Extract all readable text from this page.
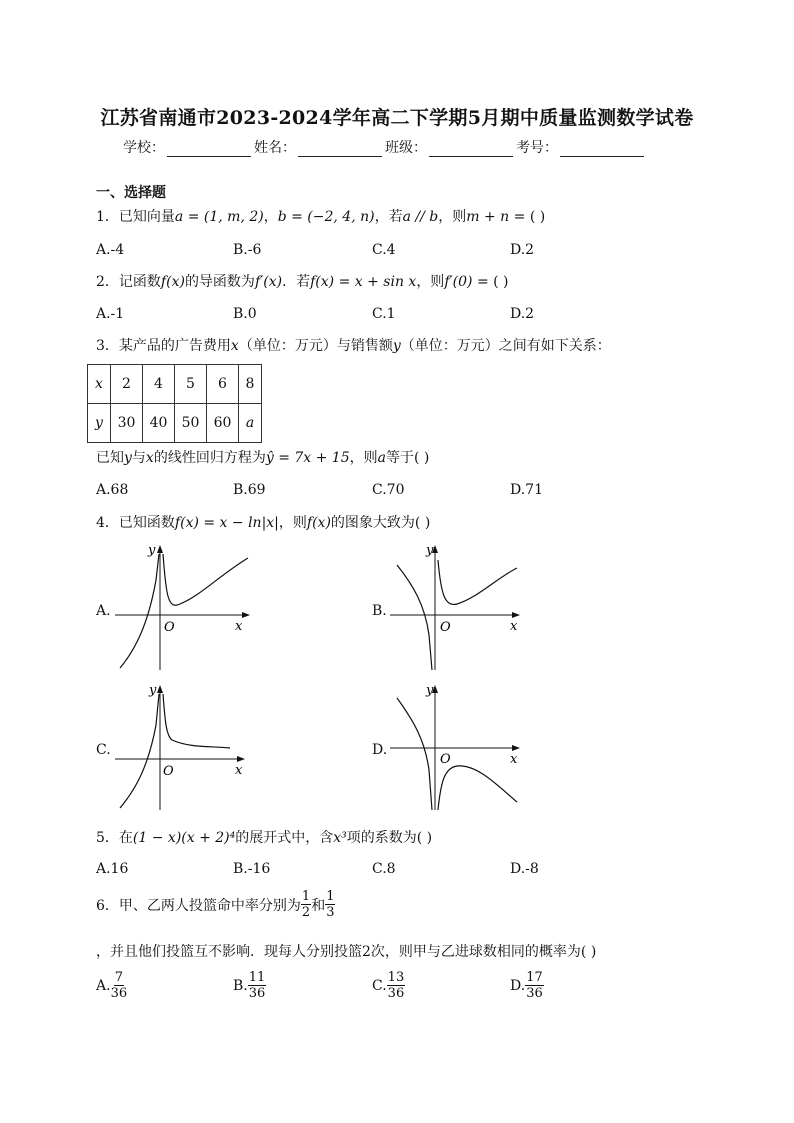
江苏省南通市2023-2024学年高二下学期5月期中质量监测数学试卷
学校：	姓名：	班级：	考号：
一、选择题
1．已知向量a = (1, m, 2)，b = (−2, 4, n)，若a // b，则m + n = ( )
A.-4	B.-6	C.4	D.2
2．记函数f(x)的导函数为f′(x)．若f(x) = x + sin x，则f′(0) = ( )
A.-1	B.0	C.1	D.2
3．某产品的广告费用x（单位：万元）与销售额y（单位：万元）之间有如下关系：
x	2	4	5	6	8
y	30	40	50	60	a
已知y与x的线性回归方程为ŷ = 7x + 15，则a等于( )
A.68	B.69	C.70	D.71
4．已知函数f(x) = x − ln|x|，则f(x)的图象大致为( )
A.
y
x
O
B.
y
x
O
C.
y
x
O
D.
y
x
O
5．在(1 − x)(x + 2)⁴的展开式中，含x³项的系数为( )
A.16	B.-16	C.8	D.-8
6．甲、乙两人投篮命中率分别为 $\frac{1}{2}$ 和 $\frac{1}{3}$
，并且他们投篮互不影响．现每人分别投篮2次，则甲与乙进球数相同的概率为( )
A. $\frac{7}{36}$	B. $\frac{11}{36}$	C. $\frac{13}{36}$	D. $\frac{17}{36}$
